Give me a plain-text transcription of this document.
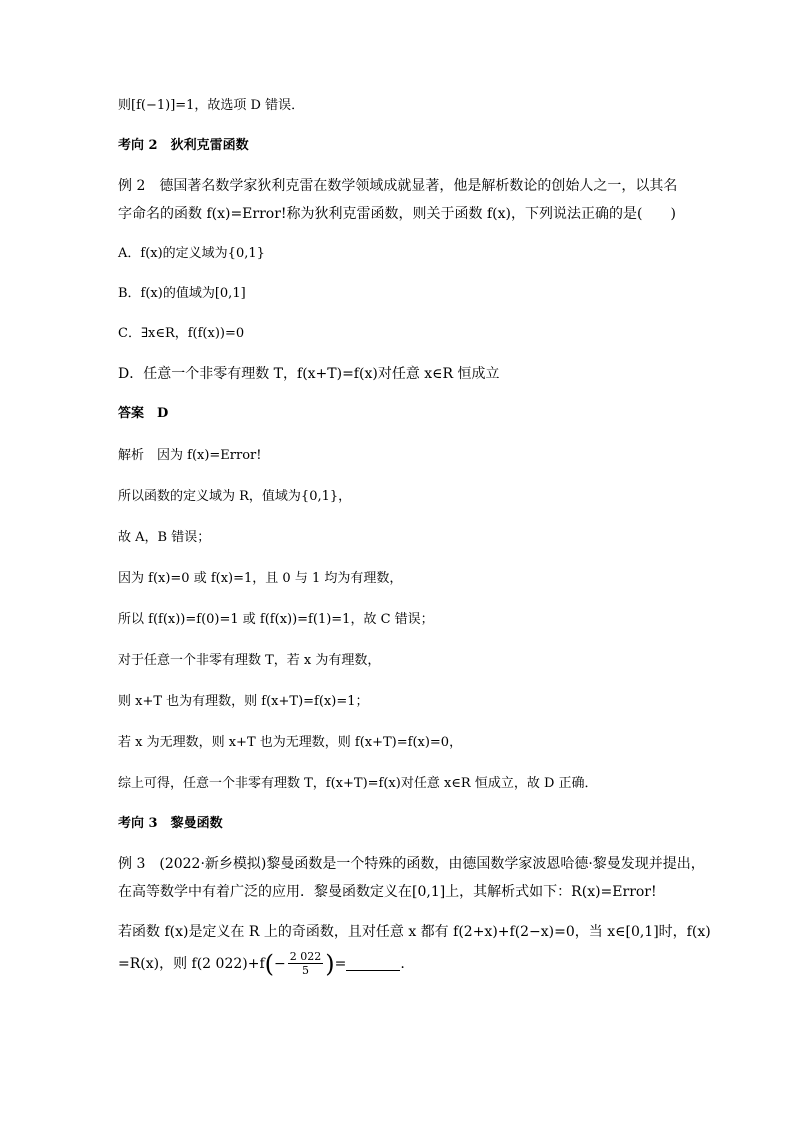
则[f(−1)]=1，故选项 D 错误．
考向 2　狄利克雷函数
例 2　德国著名数学家狄利克雷在数学领域成就显著，他是解析数论的创始人之一，以其名
字命名的函数 f(x)=Error!称为狄利克雷函数，则关于函数 f(x)，下列说法正确的是(　　)
A．f(x)的定义域为{0,1}
B．f(x)的值域为[0,1]
C．∃x∈R，f(f(x))=0
D．任意一个非零有理数 T，f(x+T)=f(x)对任意 x∈R 恒成立
答案　D
解析　因为 f(x)=Error!
所以函数的定义域为 R，值域为{0,1}，
故 A，B 错误；
因为 f(x)=0 或 f(x)=1，且 0 与 1 均为有理数，
所以 f(f(x))=f(0)=1 或 f(f(x))=f(1)=1，故 C 错误；
对于任意一个非零有理数 T，若 x 为有理数，
则 x+T 也为有理数，则 f(x+T)=f(x)=1；
若 x 为无理数，则 x+T 也为无理数，则 f(x+T)=f(x)=0，
综上可得，任意一个非零有理数 T，f(x+T)=f(x)对任意 x∈R 恒成立，故 D 正确．
考向 3　黎曼函数
例 3　(2022·新乡模拟)黎曼函数是一个特殊的函数，由德国数学家波恩哈德·黎曼发现并提出，
在高等数学中有着广泛的应用．黎曼函数定义在[0,1]上，其解析式如下：R(x)=Error!
若函数 f(x)是定义在 R 上的奇函数，且对任意 x 都有 f(2+x)+f(2−x)=0，当 x∈[0,1]时，f(x)
=R(x)，则 f(2 022)+f ( − $\frac{2 022}{5}$ ) =	.
